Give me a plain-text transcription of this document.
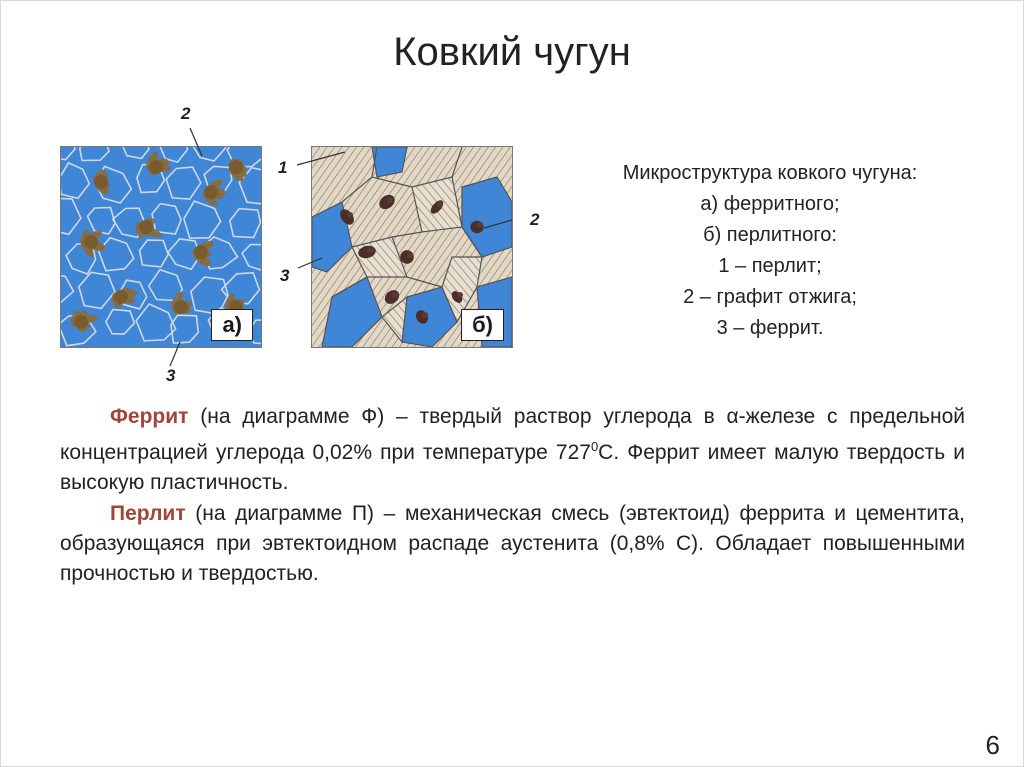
Ковкий чугун
а)	б)
2
3
1
2
3
Микроструктура ковкого чугуна:
а) ферритного;
б) перлитного:
1 – перлит;
2 – графит отжига;
3 – феррит.
Феррит (на диаграмме Ф) – твердый раствор углерода в α-железе с предельной концентрацией углерода 0,02% при температуре $727^0С$. Феррит имеет малую твердость и высокую пластичность.
Перлит (на диаграмме П) – механическая смесь (эвтектоид) феррита и цементита, образующаяся при эвтектоидном распаде аустенита (0,8% С). Обладает повышенными прочностью и твердостью.
6
